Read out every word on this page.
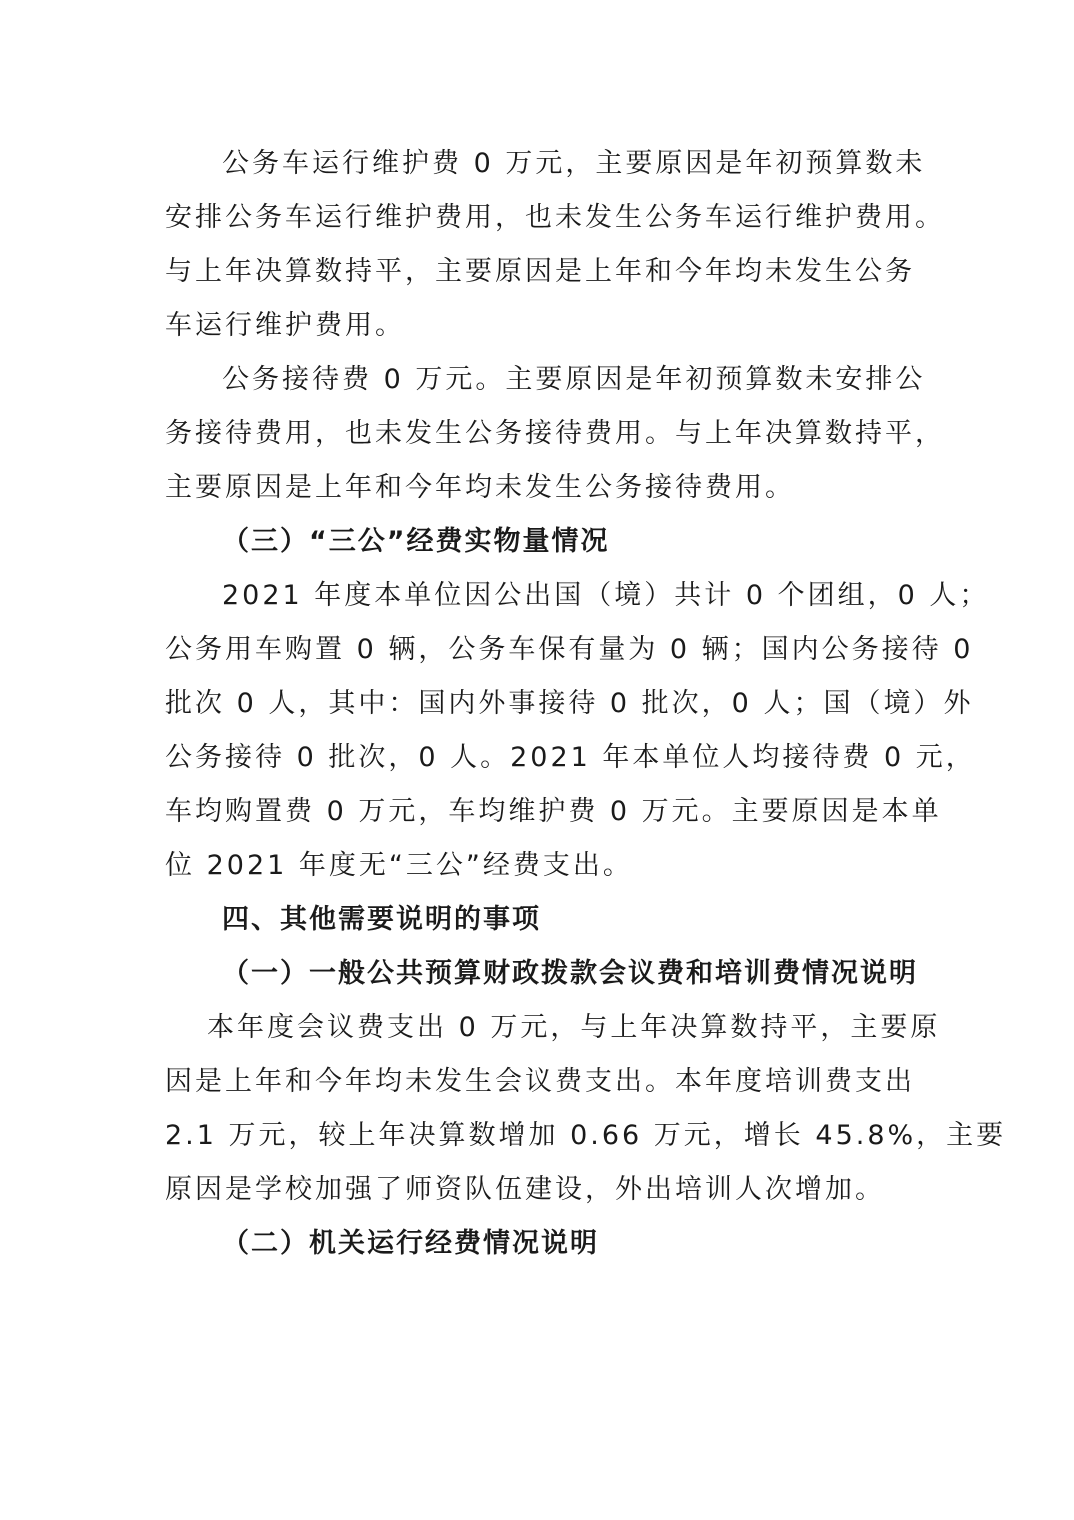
公务车运行维护费 0 万元，主要原因是年初预算数未
安排公务车运行维护费用，也未发生公务车运行维护费用。
与上年决算数持平，主要原因是上年和今年均未发生公务
车运行维护费用。
公务接待费 0 万元。主要原因是年初预算数未安排公
务接待费用，也未发生公务接待费用。与上年决算数持平，
主要原因是上年和今年均未发生公务接待费用。
（三）“三公”经费实物量情况
2021 年度本单位因公出国（境）共计 0 个团组，0 人；
公务用车购置 0 辆，公务车保有量为 0 辆；国内公务接待 0
批次 0 人，其中：国内外事接待 0 批次，0 人；国（境）外
公务接待 0 批次，0 人。2021 年本单位人均接待费 0 元，
车均购置费 0 万元，车均维护费 0 万元。主要原因是本单
位 2021 年度无“三公”经费支出。
四、其他需要说明的事项
（一）一般公共预算财政拨款会议费和培训费情况说明
本年度会议费支出 0 万元，与上年决算数持平，主要原
因是上年和今年均未发生会议费支出。本年度培训费支出
2.1 万元，较上年决算数增加 0.66 万元，增长 45.8%，主要
原因是学校加强了师资队伍建设，外出培训人次增加。
（二）机关运行经费情况说明
